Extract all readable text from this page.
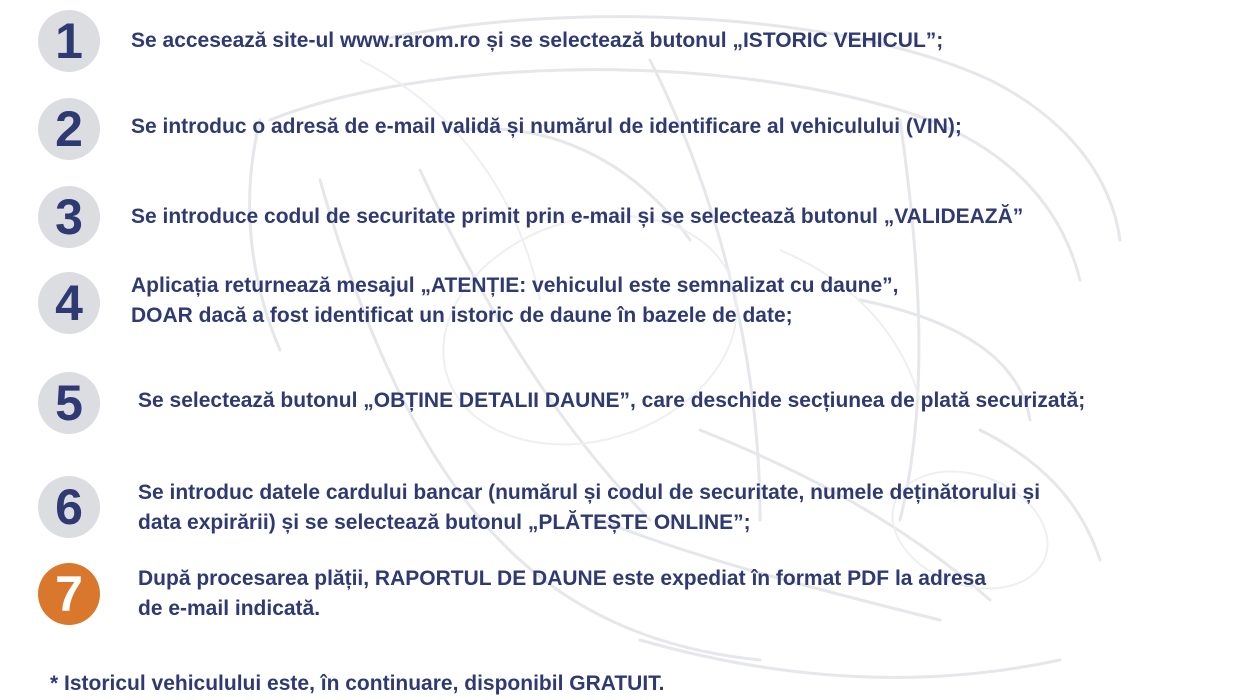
1	Se accesează site-ul www.rarom.ro și se selectează butonul „ISTORIC VEHICUL”;
2	Se introduc o adresă de e-mail validă și numărul de identificare al vehiculului (VIN);
3	Se introduce codul de securitate primit prin e-mail și se selectează butonul „VALIDEAZĂ”
4	Aplicația returnează mesajul „ATENȚIE: vehiculul este semnalizat cu daune”,
DOAR dacă a fost identificat un istoric de daune în bazele de date;
5	Se selectează butonul „OBȚINE DETALII DAUNE”, care deschide secțiunea de plată securizată;
6	Se introduc datele cardului bancar (numărul și codul de securitate, numele deținătorului și
data expirării) și se selectează butonul „PLĂTEȘTE ONLINE”;
7	După procesarea plății, RAPORTUL DE DAUNE este expediat în format PDF la adresa
de e-mail indicată.
* Istoricul vehiculului este, în continuare, disponibil GRATUIT.
